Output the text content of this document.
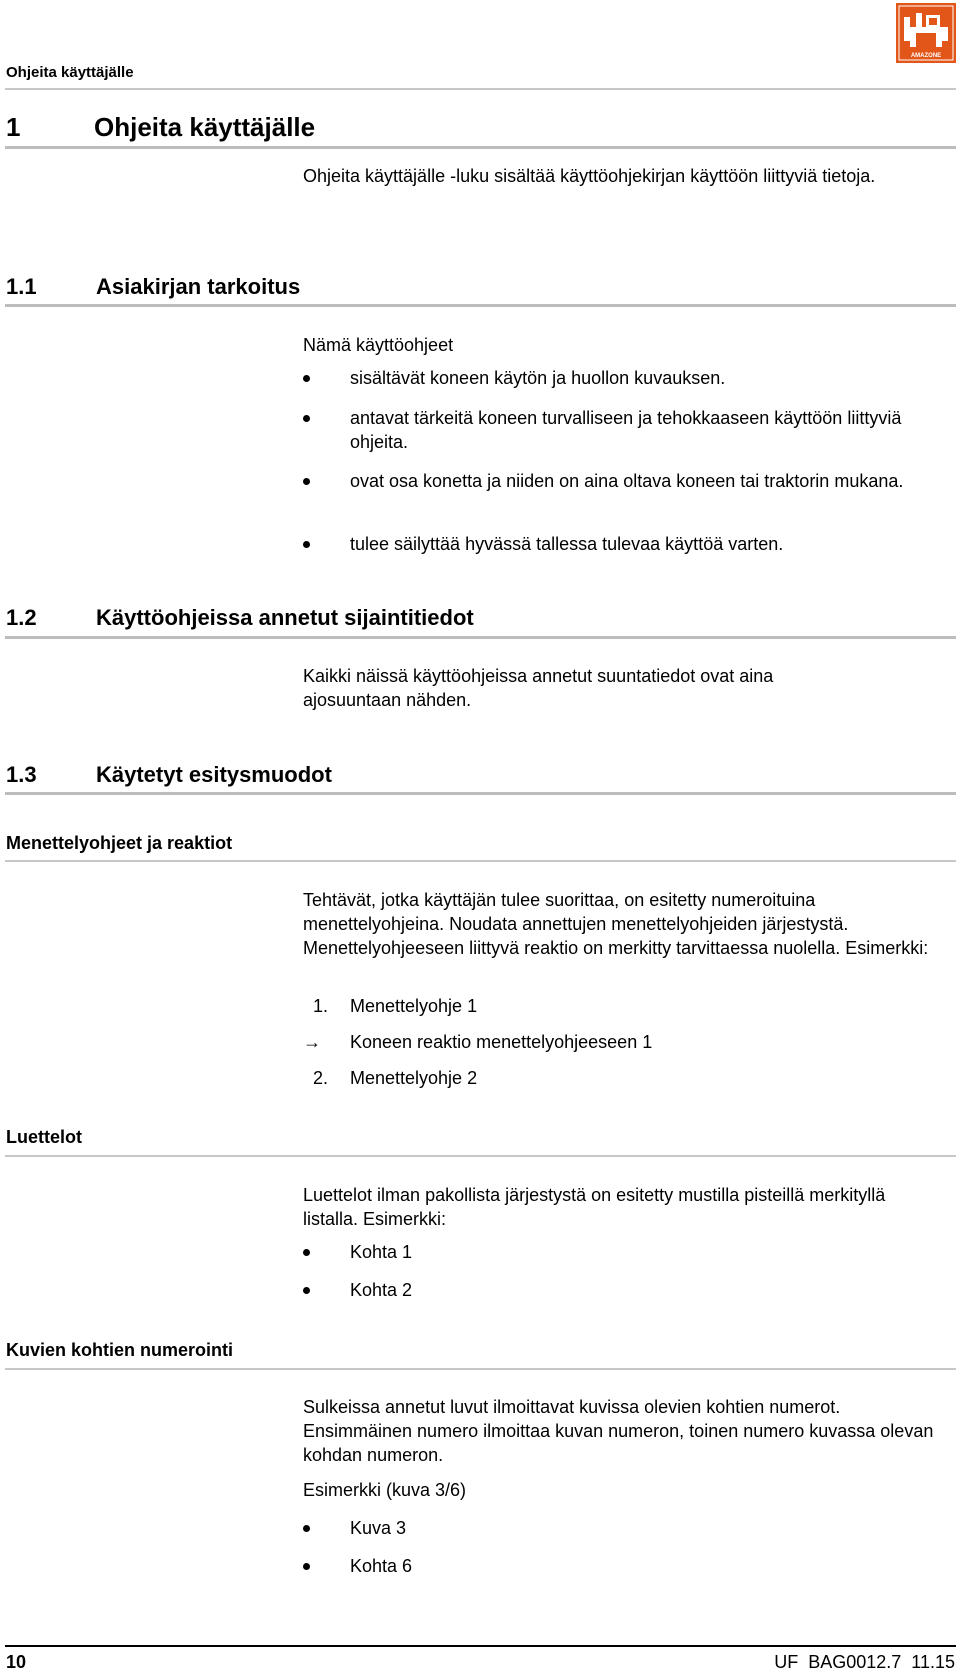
Ohjeita käyttäjälle
AMAZONE
1	Ohjeita käyttäjälle
Ohjeita käyttäjälle -luku sisältää käyttöohjekirjan käyttöön liittyviä tietoja.
1.1	Asiakirjan tarkoitus
Nämä käyttöohjeet
sisältävät koneen käytön ja huollon kuvauksen.
antavat tärkeitä koneen turvalliseen ja tehokkaaseen käyttöön liittyviä ohjeita.
ovat osa konetta ja niiden on aina oltava koneen tai traktorin mukana.
tulee säilyttää hyvässä tallessa tulevaa käyttöä varten.
1.2	Käyttöohjeissa annetut sijaintitiedot
Kaikki näissä käyttöohjeissa annetut suuntatiedot ovat aina ajosuuntaan nähden.
1.3	Käytetyt esitysmuodot
Menettelyohjeet ja reaktiot
Tehtävät, jotka käyttäjän tulee suorittaa, on esitetty numeroituina menettelyohjeina. Noudata annettujen menettelyohjeiden järjestystä. Menettelyohjeeseen liittyvä reaktio on merkitty tarvittaessa nuolella. Esimerkki:
1. Menettelyohje 1
→	Koneen reaktio menettelyohjeeseen 1
2. Menettelyohje 2
Luettelot
Luettelot ilman pakollista järjestystä on esitetty mustilla pisteillä merkityllä listalla. Esimerkki:
Kohta 1
Kohta 2
Kuvien kohtien numerointi
Sulkeissa annetut luvut ilmoittavat kuvissa olevien kohtien numerot. Ensimmäinen numero ilmoittaa kuvan numeron, toinen numero kuvassa olevan kohdan numeron.
Esimerkki (kuva 3/6)
Kuva 3
Kohta 6
10	UF  BAG0012.7  11.15
